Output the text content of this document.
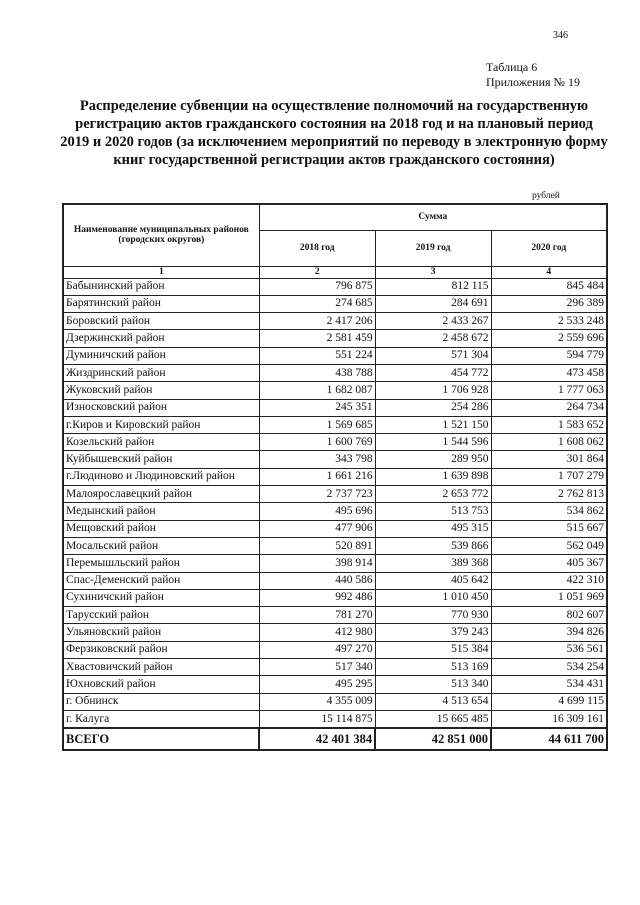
346
Таблица 6
Приложения № 19
Распределение субвенции на осуществление полномочий на государственную регистрацию актов гражданского состояния на 2018 год и на плановый период 2019 и 2020 годов (за исключением мероприятий по переводу в электронную форму книг государственной регистрации актов гражданского состояния)
рублей
Наименование муниципальных районов (городских округов)	Сумма		
	2018 год	2019 год	2020 год
1	2	3	4
Бабынинский район	796 875	812 115	845 484
Барятинский район	274 685	284 691	296 389
Боровский район	2 417 206	2 433 267	2 533 248
Дзержинский район	2 581 459	2 458 672	2 559 696
Думиничский район	551 224	571 304	594 779
Жиздринский район	438 788	454 772	473 458
Жуковский район	1 682 087	1 706 928	1 777 063
Износковский район	245 351	254 286	264 734
г.Киров и Кировский район	1 569 685	1 521 150	1 583 652
Козельский район	1 600 769	1 544 596	1 608 062
Куйбышевский район	343 798	289 950	301 864
г.Людиново и Людиновский район	1 661 216	1 639 898	1 707 279
Малоярославецкий район	2 737 723	2 653 772	2 762 813
Медынский район	495 696	513 753	534 862
Мещовский район	477 906	495 315	515 667
Мосальский район	520 891	539 866	562 049
Перемышльский район	398 914	389 368	405 367
Спас-Деменский район	440 586	405 642	422 310
Сухиничский район	992 486	1 010 450	1 051 969
Тарусский район	781 270	770 930	802 607
Ульяновский район	412 980	379 243	394 826
Ферзиковский район	497 270	515 384	536 561
Хвастовичский район	517 340	513 169	534 254
Юхновский район	495 295	513 340	534 431
г. Обнинск	4 355 009	4 513 654	4 699 115
г. Калуга	15 114 875	15 665 485	16 309 161
ВСЕГО	42 401 384	42 851 000	44 611 700
